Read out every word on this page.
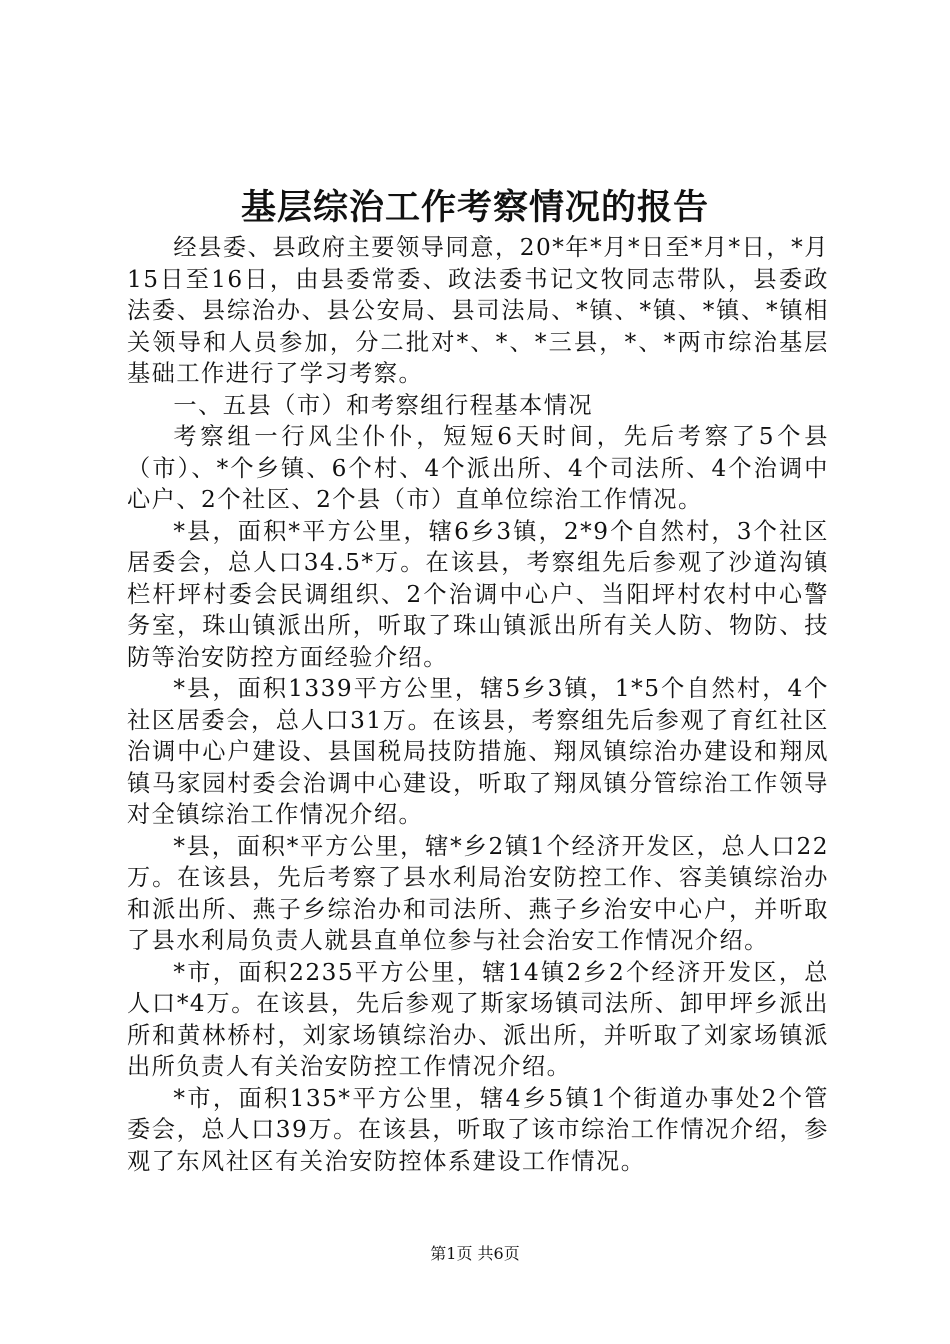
基层综治工作考察情况的报告

经县委、县政府主要领导同意，20*年*月*日至*月*日，*月15日至16日，由县委常委、政法委书记文牧同志带队，县委政法委、县综治办、县公安局、县司法局、*镇、*镇、*镇、*镇相关领导和人员参加，分二批对*、*、*三县，*、*两市综治基层基础工作进行了学习考察。

一、五县（市）和考察组行程基本情况

考察组一行风尘仆仆，短短6天时间，先后考察了5个县（市）、*个乡镇、6个村、4个派出所、4个司法所、4个治调中心户、2个社区、2个县（市）直单位综治工作情况。

*县，面积*平方公里，辖6乡3镇，2*9个自然村，3个社区居委会，总人口34.5*万。在该县，考察组先后参观了沙道沟镇栏杆坪村委会民调组织、2个治调中心户、当阳坪村农村中心警务室，珠山镇派出所，听取了珠山镇派出所有关人防、物防、技防等治安防控方面经验介绍。

*县，面积1339平方公里，辖5乡3镇，1*5个自然村，4个社区居委会，总人口31万。在该县，考察组先后参观了育红社区治调中心户建设、县国税局技防措施、翔凤镇综治办建设和翔凤镇马家园村委会治调中心建设，听取了翔凤镇分管综治工作领导对全镇综治工作情况介绍。

*县，面积*平方公里，辖*乡2镇1个经济开发区，总人口22万。在该县，先后考察了县水利局治安防控工作、容美镇综治办和派出所、燕子乡综治办和司法所、燕子乡治安中心户，并听取了县水利局负责人就县直单位参与社会治安工作情况介绍。

*市，面积2235平方公里，辖14镇2乡2个经济开发区，总人口*4万。在该县，先后参观了斯家场镇司法所、卸甲坪乡派出所和黄林桥村，刘家场镇综治办、派出所，并听取了刘家场镇派出所负责人有关治安防控工作情况介绍。

*市，面积135*平方公里，辖4乡5镇1个街道办事处2个管委会，总人口39万。在该县，听取了该市综治工作情况介绍，参观了东风社区有关治安防控体系建设工作情况。

第1页 共6页
